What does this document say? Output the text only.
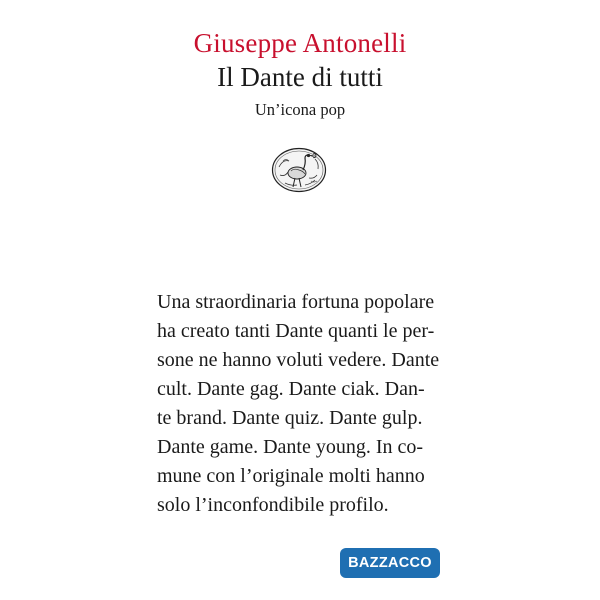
Giuseppe Antonelli
Il Dante di tutti
Un’icona pop
Una straordinaria fortuna popolare
ha creato tanti Dante quanti le per-
sone ne hanno voluti vedere. Dante
cult. Dante gag. Dante ciak. Dan-
te brand. Dante quiz. Dante gulp.
Dante game. Dante young. In co-
mune con l’originale molti hanno
solo l’inconfondibile profilo.
BAZZACCO
